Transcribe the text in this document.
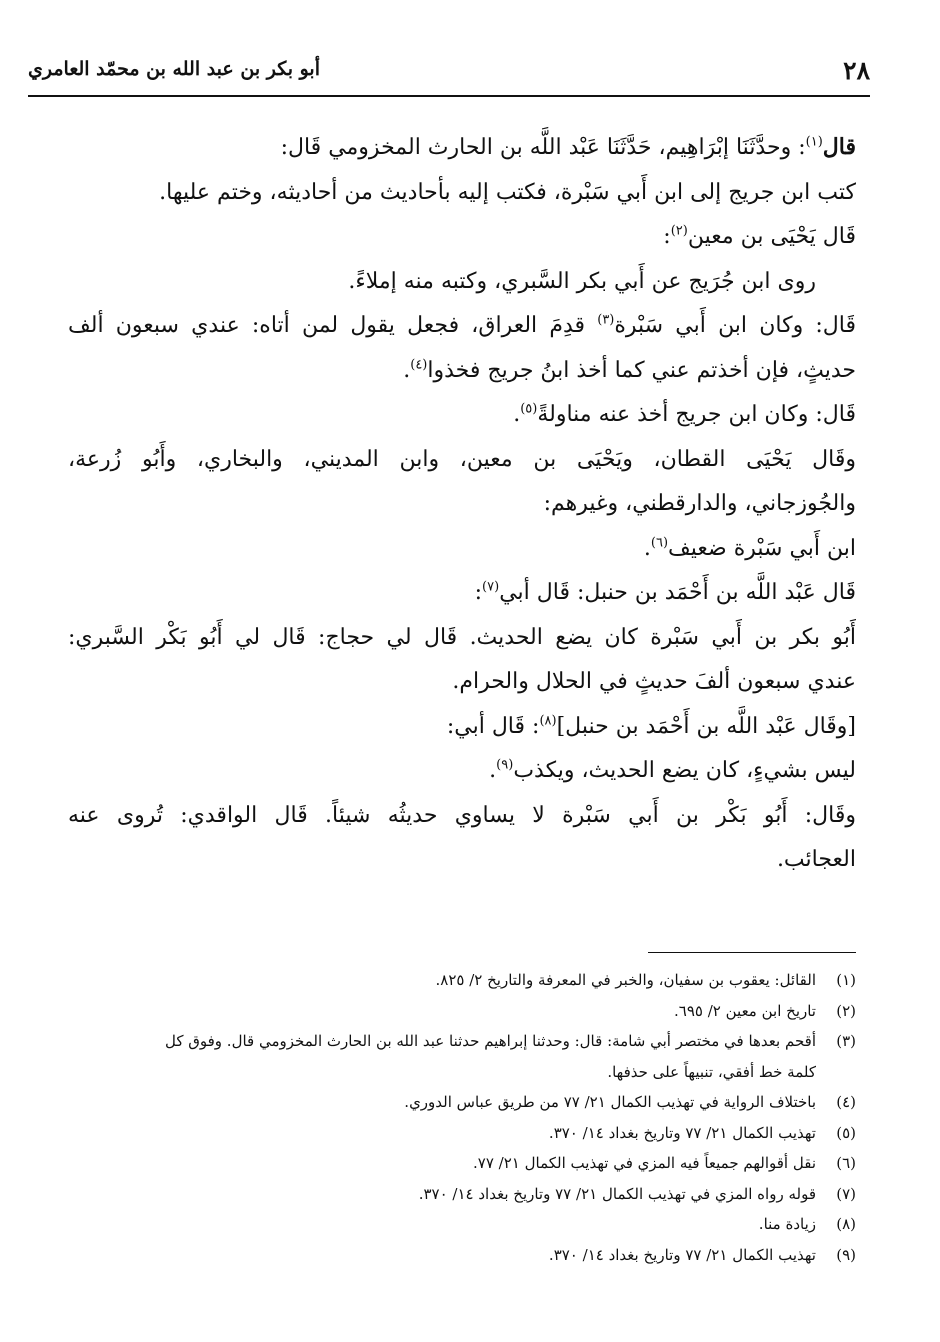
٢٨
أبو بكر بن عبد الله بن محمّد العامري
قال$^{(١)}$: وحدَّثَنَا إبْرَاهِيم، حَدَّثَنَا عَبْد اللَّه بن الحارث المخزومي قَال:
كتب ابن جريج إلى ابن أَبي سَبْرة، فكتب إليه بأحاديث من أحاديثه، وختم عليها.
قَال يَحْيَى بن معين$^{(٢)}$:
روى ابن جُرَيج عن أَبي بكر السَّبري، وكتبه منه إملاءً.
قَال: وكان ابن أَبي سَبْرة$^{(٣)}$ قدِمَ العراق، فجعل يقول لمن أتاه: عندي سبعون ألف
حديثٍ، فإن أخذتم عني كما أخذ ابنُ جريج فخذوا$^{(٤)}$.
قَال: وكان ابن جريج أخذ عنه مناولةً$^{(٥)}$.
وقَال يَحْيَى القطان، ويَحْيَى بن معين، وابن المديني، والبخاري، وأَبُو زُرعة،
والجُوزجاني، والدارقطني، وغيرهم:
ابن أَبي سَبْرة ضعيف$^{(٦)}$.
قَال عَبْد اللَّه بن أَحْمَد بن حنبل: قَال أبي$^{(٧)}$:
أَبُو بكر بن أَبي سَبْرة كان يضع الحديث. قَال لي حجاج: قَال لي أَبُو بَكْر السَّبري:
عندي سبعون ألفَ حديثٍ في الحلال والحرام.
[وقَال عَبْد اللَّه بن أَحْمَد بن حنبل]$^{(٨)}$: قَال أبي:
ليس بشيءٍ، كان يضع الحديث، ويكذب$^{(٩)}$.
وقَال: أَبُو بَكْر بن أَبي سَبْرة لا يساوي حديثُه شيئاً. قَال الواقدي: تُروى عنه
العجائب.
(١)
القائل: يعقوب بن سفيان، والخبر في المعرفة والتاريخ ٢/ ٨٢٥.
(٢)
تاريخ ابن معين ٢/ ٦٩٥.
(٣)
أقحم بعدها في مختصر أبي شامة: قال: وحدثنا إبراهيم حدثنا عبد الله بن الحارث المخزومي قال. وفوق كل
كلمة خط أفقي، تنبيهاً على حذفها.
(٤)
باختلاف الرواية في تهذيب الكمال ٢١/ ٧٧ من طريق عباس الدوري.
(٥)
تهذيب الكمال ٢١/ ٧٧ وتاريخ بغداد ١٤/ ٣٧٠.
(٦)
نقل أقوالهم جميعاً فيه المزي في تهذيب الكمال ٢١/ ٧٧.
(٧)
قوله رواه المزي في تهذيب الكمال ٢١/ ٧٧ وتاريخ بغداد ١٤/ ٣٧٠.
(٨)
زيادة منا.
(٩)
تهذيب الكمال ٢١/ ٧٧ وتاريخ بغداد ١٤/ ٣٧٠.
